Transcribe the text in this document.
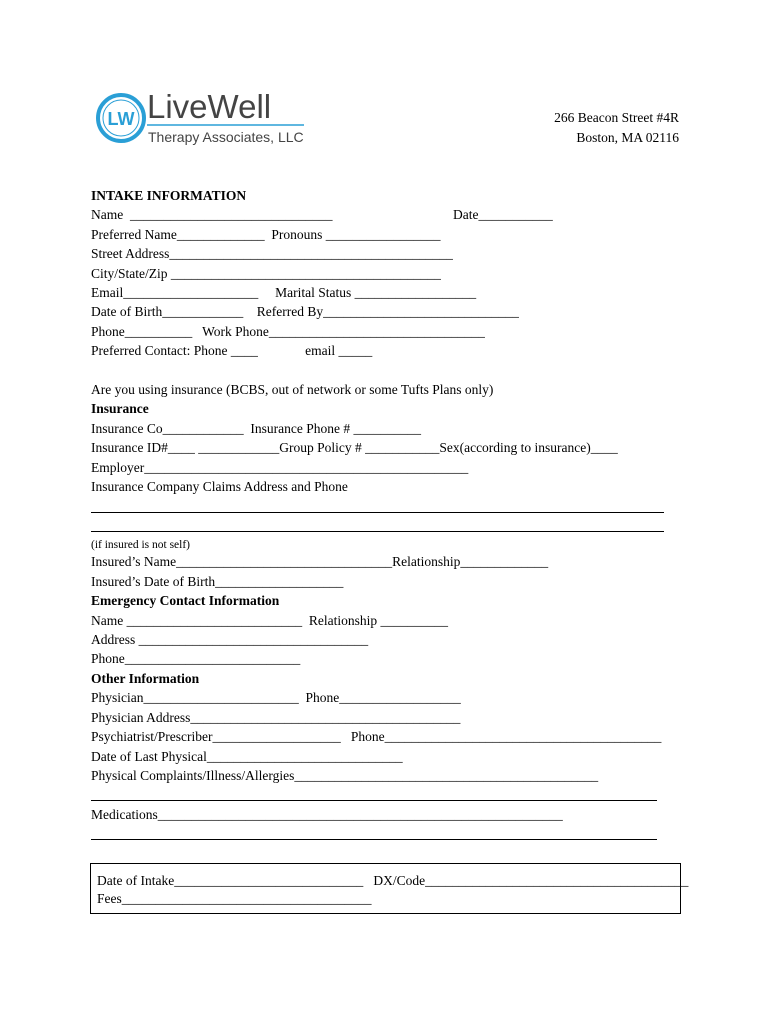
LW LiveWell
Therapy Associates, LLC
266 Beacon Street #4R
Boston, MA 02116
INTAKE INFORMATION
Name  ______________________________	Date___________
Preferred Name_____________  Pronouns _________________
Street Address__________________________________________
City/State/Zip ________________________________________
Email____________________     Marital Status __________________
Date of Birth____________    Referred By_____________________________
Phone__________   Work Phone________________________________
Preferred Contact: Phone ____              email _____
Are you using insurance (BCBS, out of network or some Tufts Plans only)
Insurance
Insurance Co____________  Insurance Phone # __________
Insurance ID#____ ____________Group Policy # ___________Sex(according to insurance)____
Employer________________________________________________
Insurance Company Claims Address and Phone
(if insured is not self)
Insured’s Name________________________________Relationship_____________
Insured’s Date of Birth___________________
Emergency Contact Information
Name __________________________  Relationship __________
Address __________________________________
Phone__________________________
Other Information
Physician_______________________  Phone__________________
Physician Address________________________________________
Psychiatrist/Prescriber___________________   Phone_________________________________________
Date of Last Physical_____________________________
Physical Complaints/Illness/Allergies_____________________________________________
Medications____________________________________________________________
Date of Intake____________________________   DX/Code_______________________________________
Fees_____________________________________
